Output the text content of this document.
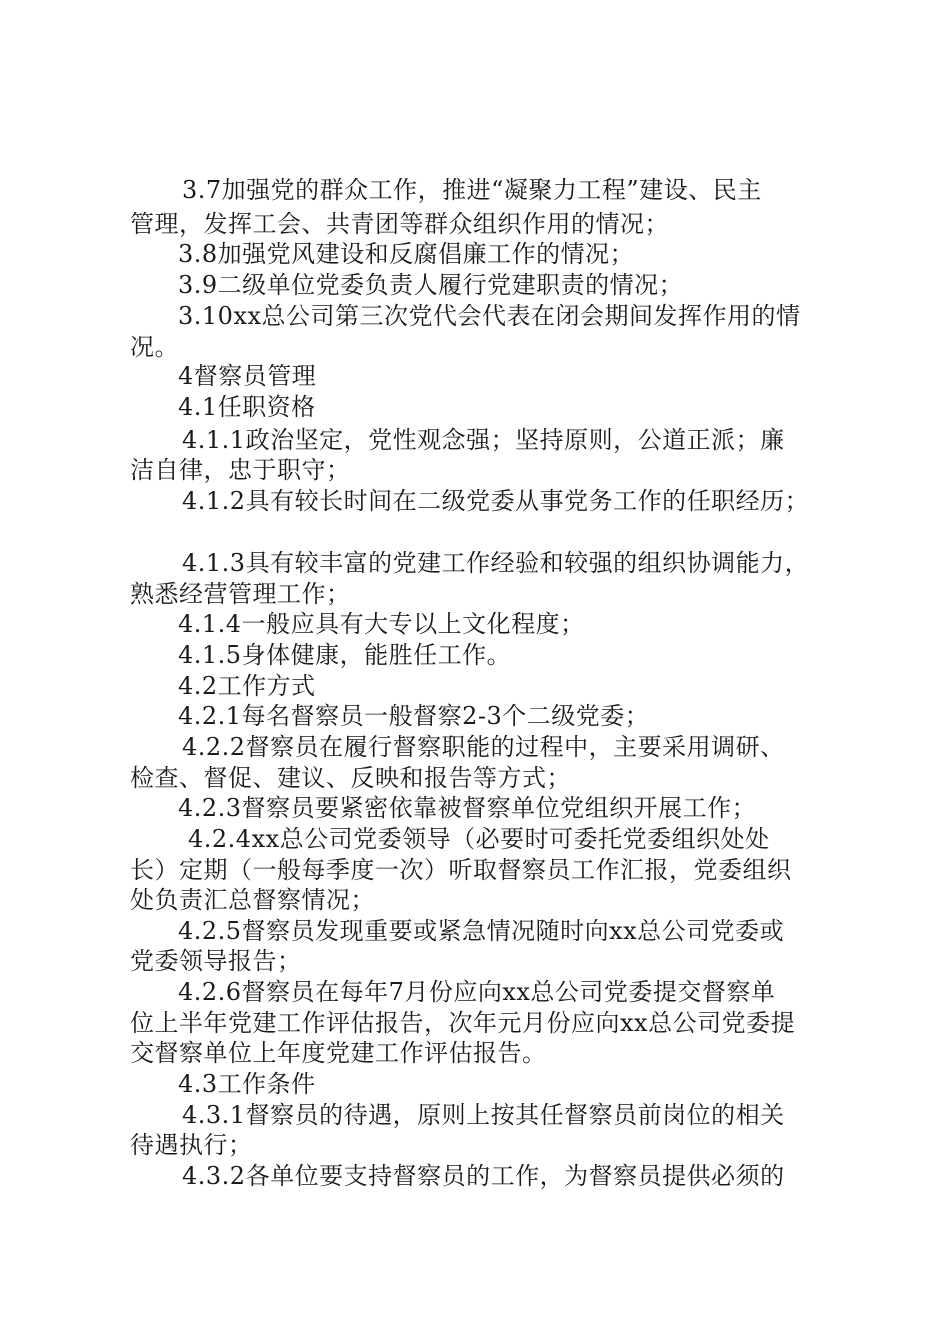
3.7加强党的群众工作，推进“凝聚力工程”建设、民主
管理，发挥工会、共青团等群众组织作用的情况；
3.8加强党风建设和反腐倡廉工作的情况；
3.9二级单位党委负责人履行党建职责的情况；
3.10xx总公司第三次党代会代表在闭会期间发挥作用的情
况。
4督察员管理
4.1任职资格
4.1.1政治坚定，党性观念强；坚持原则，公道正派；廉
洁自律，忠于职守；
4.1.2具有较长时间在二级党委从事党务工作的任职经历；
4.1.3具有较丰富的党建工作经验和较强的组织协调能力，
熟悉经营管理工作；
4.1.4一般应具有大专以上文化程度；
4.1.5身体健康，能胜任工作。
4.2工作方式
4.2.1每名督察员一般督察2-3个二级党委；
4.2.2督察员在履行督察职能的过程中，主要采用调研、
检查、督促、建议、反映和报告等方式；
4.2.3督察员要紧密依靠被督察单位党组织开展工作；
4.2.4xx总公司党委领导（必要时可委托党委组织处处
长）定期（一般每季度一次）听取督察员工作汇报，党委组织
处负责汇总督察情况；
4.2.5督察员发现重要或紧急情况随时向xx总公司党委或
党委领导报告；
4.2.6督察员在每年7月份应向xx总公司党委提交督察单
位上半年党建工作评估报告，次年元月份应向xx总公司党委提
交督察单位上年度党建工作评估报告。
4.3工作条件
4.3.1督察员的待遇，原则上按其任督察员前岗位的相关
待遇执行；
4.3.2各单位要支持督察员的工作，为督察员提供必须的
